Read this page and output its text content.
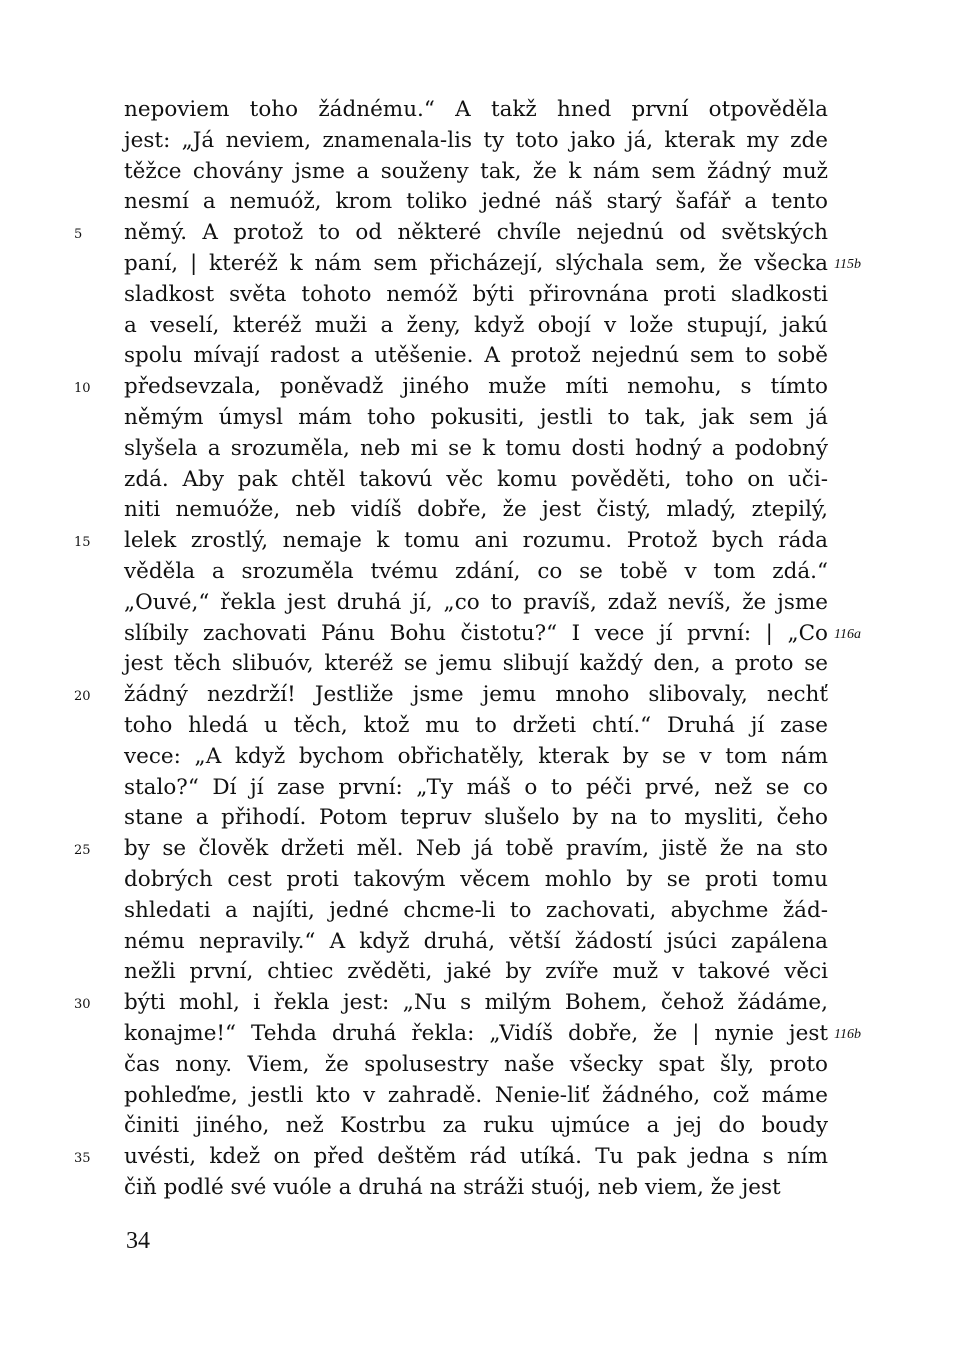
nepoviem toho žádnému.“ A takž hned první otpověděla
jest: „Já neviem, znamenala-lis ty toto jako já, kterak my zde
těžce chovány jsme a souženy tak, že k nám sem žádný muž
nesmí a nemuóž, krom toliko jedné náš starý šafář a tento
němý. A protož to od některé chvíle nejednú od světských
5
paní, | kteréž k nám sem přicházejí, slýchala sem, že všecka 115b
sladkost světa tohoto nemóž býti přirovnána proti sladkosti
a veselí, kteréž muži a ženy, když obojí v lože stupují, jakú
spolu mívají radost a utěšenie. A protož nejednú sem to sobě
předsevzala, poněvadž jiného muže míti nemohu, s tímto
10
němým úmysl mám toho pokusiti, jestli to tak, jak sem já
slyšela a srozuměla, neb mi se k tomu dosti hodný a podobný
zdá. Aby pak chtěl takovú věc komu pověděti, toho on uči-
niti nemuóže, neb vidíš dobře, že jest čistý, mladý, ztepilý,
lelek zrostlý, nemaje k tomu ani rozumu. Protož bych ráda
15
věděla a srozuměla tvému zdání, co se tobě v tom zdá.“
„Ouvé,“ řekla jest druhá jí, „co to pravíš, zdaž nevíš, že jsme
slíbily zachovati Pánu Bohu čistotu?“ I vece jí první: | „Co 116a
jest těch slibuóv, kteréž se jemu slibují každý den, a proto se
žádný nezdrží! Jestliže jsme jemu mnoho slibovaly, nechť
20
toho hledá u těch, ktož mu to držeti chtí.“ Druhá jí zase
vece: „A když bychom obřichatěly, kterak by se v tom nám
stalo?“ Dí jí zase první: „Ty máš o to péči prvé, než se co
stane a přihodí. Potom tepruv slušelo by na to mysliti, čeho
by se člověk držeti měl. Neb já tobě pravím, jistě že na sto
25
dobrých cest proti takovým věcem mohlo by se proti tomu
shledati a najíti, jedné chcme-li to zachovati, abychme žád-
nému nepravily.“ A když druhá, větší žádostí jsúci zapálena
nežli první, chtiec zvěděti, jaké by zvíře muž v takové věci
býti mohl, i řekla jest: „Nu s milým Bohem, čehož žádáme,
30
konajme!“ Tehda druhá řekla: „Vidíš dobře, že | nynie jest 116b
čas nony. Viem, že spolusestry naše všecky spat šly, proto
pohleďme, jestli kto v zahradě. Nenie-liť žádného, což máme
činiti jiného, než Kostrbu za ruku ujmúce a jej do boudy
uvésti, kdež on před deštěm rád utíká. Tu pak jedna s ním
35
čiň podlé své vuóle a druhá na stráži stuój, neb viem, že jest
34
